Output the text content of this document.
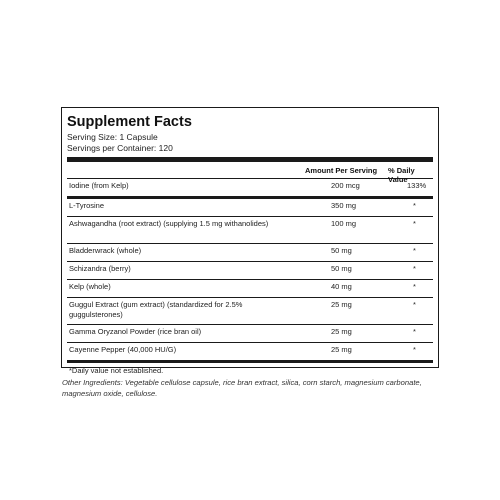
Supplement Facts
Serving Size: 1 Capsule
Servings per Container: 120
Amount Per Serving % Daily Value
Iodine (from Kelp)	200 mcg	133%
L-Tyrosine	350 mg	*
Ashwagandha (root extract) (supplying 1.5 mg withanolides)	100 mg	*
Bladderwrack (whole)	50 mg	*
Schizandra (berry)	50 mg	*
Kelp (whole)	40 mg	*
Guggul Extract (gum extract) (standardized for 2.5% guggulsterones)
25 mg	*
Gamma Oryzanol Powder (rice bran oil)	25 mg	*
Cayenne Pepper (40,000 HU/G)	25 mg	*
*Daily value not established.
Other Ingredients: Vegetable cellulose capsule, rice bran extract, silica, corn starch, magnesium carbonate, magnesium oxide, cellulose.
